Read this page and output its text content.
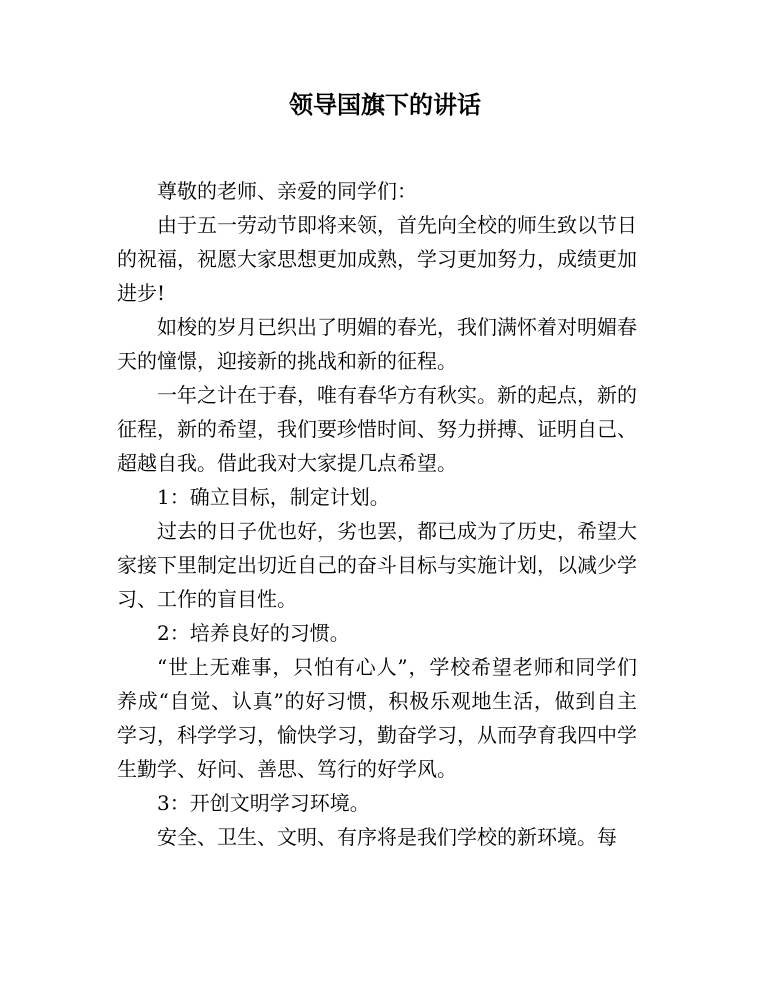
领导国旗下的讲话

尊敬的老师、亲爱的同学们：

由于五一劳动节即将来领，首先向全校的师生致以节日的祝福，祝愿大家思想更加成熟，学习更加努力，成绩更加进步!

如梭的岁月已织出了明媚的春光，我们满怀着对明媚春天的憧憬，迎接新的挑战和新的征程。

一年之计在于春，唯有春华方有秋实。新的起点，新的征程，新的希望，我们要珍惜时间、努力拼搏、证明自己、超越自我。借此我对大家提几点希望。

1：确立目标，制定计划。

过去的日子优也好，劣也罢，都已成为了历史，希望大家接下里制定出切近自己的奋斗目标与实施计划，以减少学习、工作的盲目性。

2：培养良好的习惯。

“世上无难事，只怕有心人”，学校希望老师和同学们养成“自觉、认真”的好习惯，积极乐观地生活，做到自主学习，科学学习，愉快学习，勤奋学习，从而孕育我四中学生勤学、好问、善思、笃行的好学风。

3：开创文明学习环境。

安全、卫生、文明、有序将是我们学校的新环境。每
